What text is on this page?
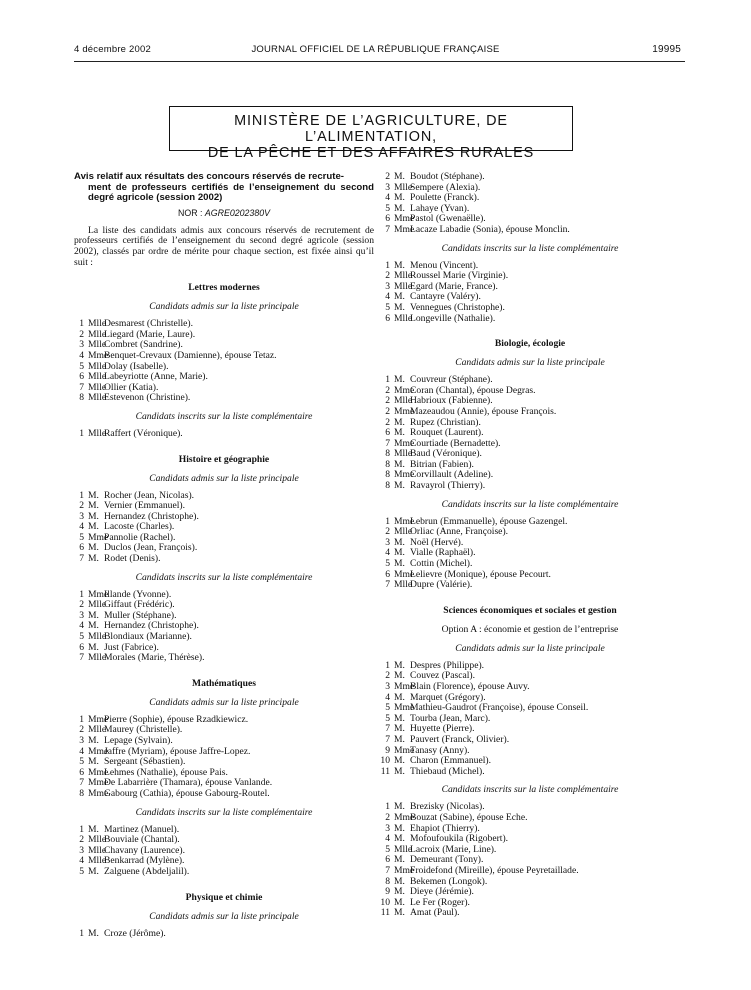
4 décembre 2002	JOURNAL OFFICIEL DE LA RÉPUBLIQUE FRANÇAISE	19995
MINISTÈRE DE L’AGRICULTURE, DE L’ALIMENTATION,
DE LA PÊCHE ET DES AFFAIRES RURALES
Avis relatif aux résultats des concours réservés de recrute-
ment de professeurs certifiés de l’enseignement du second degré agricole (session 2002)
NOR : AGRE0202380V
La liste des candidats admis aux concours réservés de recrutement de professeurs certifiés de l’enseignement du second degré agricole (session 2002), classés par ordre de mérite pour chaque section, est fixée ainsi qu’il suit :
Lettres modernes
Candidats admis sur la liste principale
1 Mlle
Desmarest (Christelle).
2 Mlle
Liegard (Marie, Laure).
3 Mlle
Combret (Sandrine).
4 Mme
Benquet-Crevaux (Damienne), épouse Tetaz.
5 Mlle
Dolay (Isabelle).
6 Mlle
Labeyriotte (Anne, Marie).
7 Mlle
Ollier (Katia).
8 Mlle
Estevenon (Christine).
Candidats inscrits sur la liste complémentaire
1 Mlle
Raffert (Véronique).
Histoire et géographie
Candidats admis sur la liste principale
1 M. Rocher (Jean, Nicolas).
2 M. Vernier (Emmanuel).
3 M. Hernandez (Christophe).
4 M. Lacoste (Charles).
5 Mme
Pannolie (Rachel).
6 M. Duclos (Jean, François).
7 M. Rodet (Denis).
Candidats inscrits sur la liste complémentaire
1 Mme
Illande (Yvonne).
2 Mlle
Giffaut (Frédéric).
3 M. Muller (Stéphane).
4 M. Hernandez (Christophe).
5 Mlle
Blondiaux (Marianne).
6 M. Just (Fabrice).
7 Mlle
Morales (Marie, Thérèse).
Mathématiques
Candidats admis sur la liste principale
1 Mme
Pierre (Sophie), épouse Rzadkiewicz.
2 Mlle
Maurey (Christelle).
3 M. Lepage (Sylvain).
4 Mme
Jaffre (Myriam), épouse Jaffre-Lopez.
5 M. Sergeant (Sébastien).
6 Mme
Lehmes (Nathalie), épouse Pais.
7 Mme
De Labarrière (Thamara), épouse Vanlande.
8 Mme
Gabourg (Cathia), épouse Gabourg-Routel.
Candidats inscrits sur la liste complémentaire
1 M. Martinez (Manuel).
2 Mlle
Bouviale (Chantal).
3 Mlle
Chavany (Laurence).
4 Mlle
Benkarrad (Mylène).
5 M. Zalguene (Abdeljalil).
Physique et chimie
Candidats admis sur la liste principale
1 M. Croze (Jérôme).
2 M. Boudot (Stéphane).
3 Mlle
Sempere (Alexia).
4 M. Poulette (Franck).
5 M. Lahaye (Yvan).
6 Mme
Pastol (Gwenaëlle).
7 Mme
Lacaze Labadie (Sonia), épouse Monclin.
Candidats inscrits sur la liste complémentaire
1 M. Menou (Vincent).
2 Mlle
Roussel Marie (Virginie).
3 Mlle
Egard (Marie, France).
4 M. Cantayre (Valéry).
5 M. Vennegues (Christophe).
6 Mlle
Longeville (Nathalie).
Biologie, écologie
Candidats admis sur la liste principale
1 M. Couvreur (Stéphane).
2 Mme
Coran (Chantal), épouse Degras.
2 Mlle
Habrioux (Fabienne).
2 Mme
Mazeaudou (Annie), épouse François.
2 M. Rupez (Christian).
6 M. Rouquet (Laurent).
7 Mme
Courtiade (Bernadette).
8 Mlle
Baud (Véronique).
8 M. Bitrian (Fabien).
8 Mme
Corvillault (Adeline).
8 M. Ravayrol (Thierry).
Candidats inscrits sur la liste complémentaire
1 Mme
Lebrun (Emmanuelle), épouse Gazengel.
2 Mlle
Orliac (Anne, Françoise).
3 M. Noël (Hervé).
4 M. Vialle (Raphaël).
5 M. Cottin (Michel).
6 Mme
Lelievre (Monique), épouse Pecourt.
7 Mlle
Dupre (Valérie).
Sciences économiques et sociales et gestion
Option A : économie et gestion de l’entreprise
Candidats admis sur la liste principale
1 M. Despres (Philippe).
2 M. Couvez (Pascal).
3 Mme
Blain (Florence), épouse Auvy.
4 M. Marquet (Grégory).
5 Mme
Mathieu-Gaudrot (Françoise), épouse Conseil.
5 M. Tourba (Jean, Marc).
7 M. Huyette (Pierre).
7 M. Pauvert (Franck, Olivier).
9 Mme
Tanasy (Anny).
10 M. Charon (Emmanuel).
11 M. Thiebaud (Michel).
Candidats inscrits sur la liste complémentaire
1 M. Brezisky (Nicolas).
2 Mme
Bouzat (Sabine), épouse Eche.
3 M. Ehapiot (Thierry).
4 M. Mofoufoukila (Rigobert).
5 Mlle
Lacroix (Marie, Line).
6 M. Demeurant (Tony).
7 Mme
Froidefond (Mireille), épouse Peyretaillade.
8 M. Bekemen (Longok).
9 M. Dieye (Jérémie).
10 M. Le Fer (Roger).
11 M. Amat (Paul).
